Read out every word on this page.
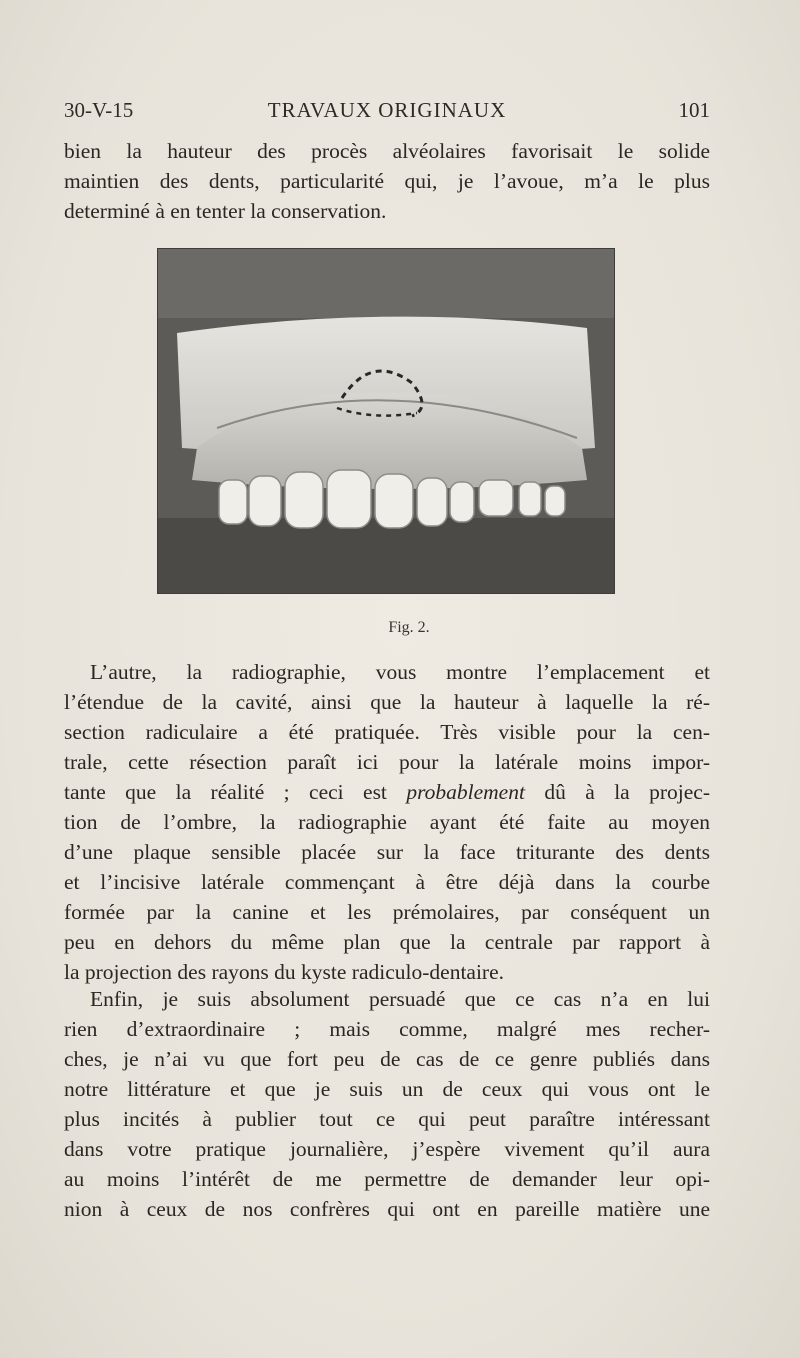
30-V-15	TRAVAUX ORIGINAUX	101
bien la hauteur des procès alvéolaires favorisait le solide
maintien des dents, particularité qui, je l’avoue, m’a le plus
determiné à en tenter la conservation.
Fig. 2.
L’autre, la radiographie, vous montre l’emplacement et
l’étendue de la cavité, ainsi que la hauteur à laquelle la ré-
section radiculaire a été pratiquée. Très visible pour la cen-
trale, cette résection paraît ici pour la latérale moins impor-
tante que la réalité ; ceci est probablement dû à la projec-
tion de l’ombre, la radiographie ayant été faite au moyen
d’une plaque sensible placée sur la face triturante des dents
et l’incisive latérale commençant à être déjà dans la courbe
formée par la canine et les prémolaires, par conséquent un
peu en dehors du même plan que la centrale par rapport à
la projection des rayons du kyste radiculo-dentaire.
Enfin, je suis absolument persuadé que ce cas n’a en lui
rien d’extraordinaire ; mais comme, malgré mes recher-
ches, je n’ai vu que fort peu de cas de ce genre publiés dans
notre littérature et que je suis un de ceux qui vous ont le
plus incités à publier tout ce qui peut paraître intéressant
dans votre pratique journalière, j’espère vivement qu’il aura
au moins l’intérêt de me permettre de demander leur opi-
nion à ceux de nos confrères qui ont en pareille matière une
